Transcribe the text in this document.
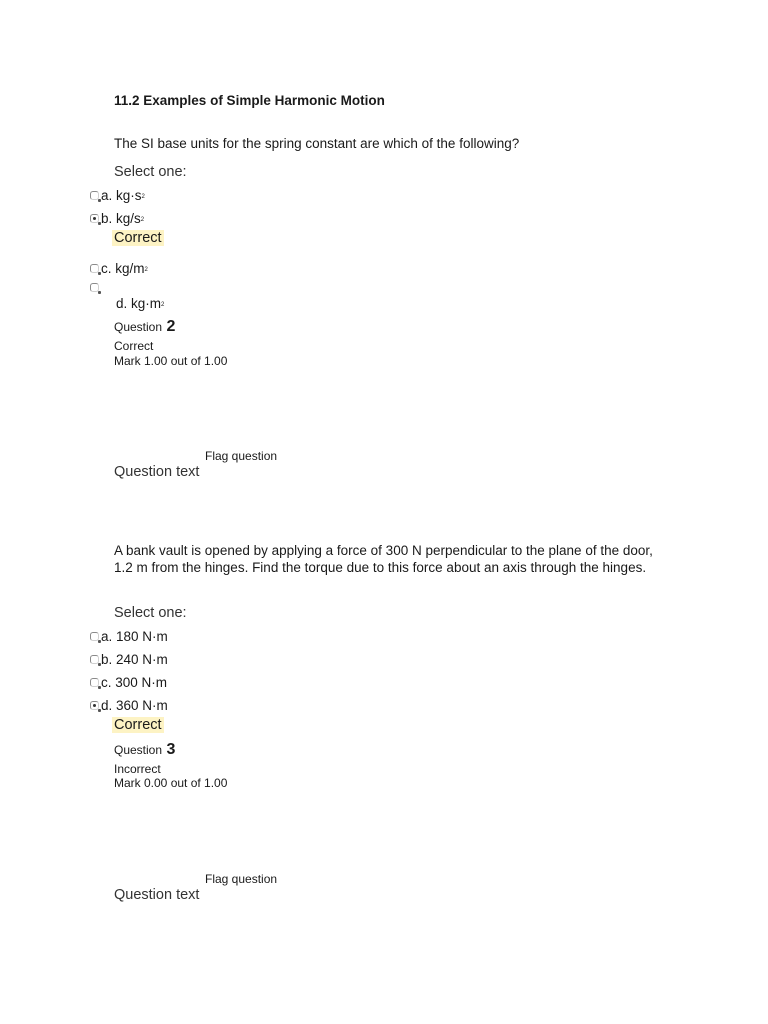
11.2 Examples of Simple Harmonic Motion
The SI base units for the spring constant are which of the following?
Select one:
a. kg·s 2
b. kg/s 2
Correct
c. kg/m 2
d. kg·m 2
Question 2
Correct
Mark 1.00 out of 1.00
Flag question
Question text
A bank vault is opened by applying a force of 300 N perpendicular to the plane of the door, 1.2 m from the hinges. Find the torque due to this force about an axis through the hinges.
Select one:
a. 180 N·m
b. 240 N·m
c. 300 N·m
d. 360 N·m
Correct
Question 3
Incorrect
Mark 0.00 out of 1.00
Flag question
Question text
